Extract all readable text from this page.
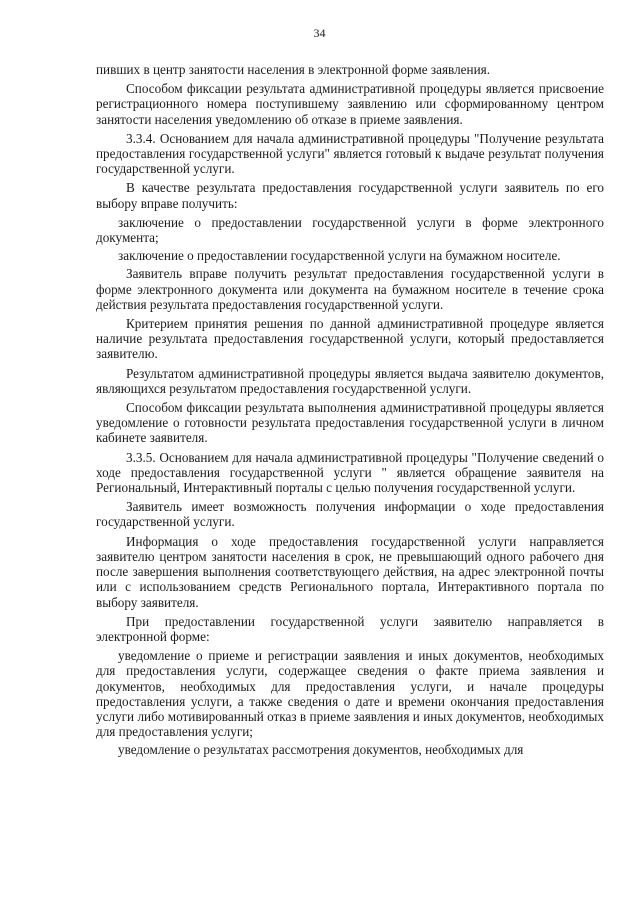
34

пивших в центр занятости населения в электронной форме заявления.

Способом фиксации результата административной процедуры является присвоение регистрационного номера поступившему заявлению или сформированному центром занятости населения уведомлению об отказе в приеме заявления.

3.3.4. Основанием для начала административной процедуры "Получение результата предоставления государственной услуги" является готовый к выдаче результат получения государственной услуги.

В качестве результата предоставления государственной услуги заявитель по его выбору вправе получить:

заключение о предоставлении государственной услуги в форме электронного документа;

заключение о предоставлении государственной услуги на бумажном носителе.

Заявитель вправе получить результат предоставления государственной услуги в форме электронного документа или документа на бумажном носителе в течение срока действия результата предоставления государственной услуги.

Критерием принятия решения по данной административной процедуре является наличие результата предоставления государственной услуги, который предоставляется заявителю.

Результатом административной процедуры является выдача заявителю документов, являющихся результатом предоставления государственной услуги.

Способом фиксации результата выполнения административной процедуры является уведомление о готовности результата предоставления государственной услуги в личном кабинете заявителя.

3.3.5. Основанием для начала административной процедуры "Получение сведений о ходе предоставления государственной услуги " является обращение заявителя на Региональный, Интерактивный порталы с целью получения государственной услуги.

Заявитель имеет возможность получения информации о ходе предоставления государственной услуги.

Информация о ходе предоставления государственной услуги направляется заявителю центром занятости населения в срок, не превышающий одного рабочего дня после завершения выполнения соответствующего действия, на адрес электронной почты или с использованием средств Регионального портала, Интерактивного портала по выбору заявителя.

При предоставлении государственной услуги заявителю направляется в электронной форме:

уведомление о приеме и регистрации заявления и иных документов, необходимых для предоставления услуги, содержащее сведения о факте приема заявления и документов, необходимых для предоставления услуги, и начале процедуры предоставления услуги, а также сведения о дате и времени окончания предоставления услуги либо мотивированный отказ в приеме заявления и иных документов, необходимых для предоставления услуги;

уведомление о результатах рассмотрения документов, необходимых для
